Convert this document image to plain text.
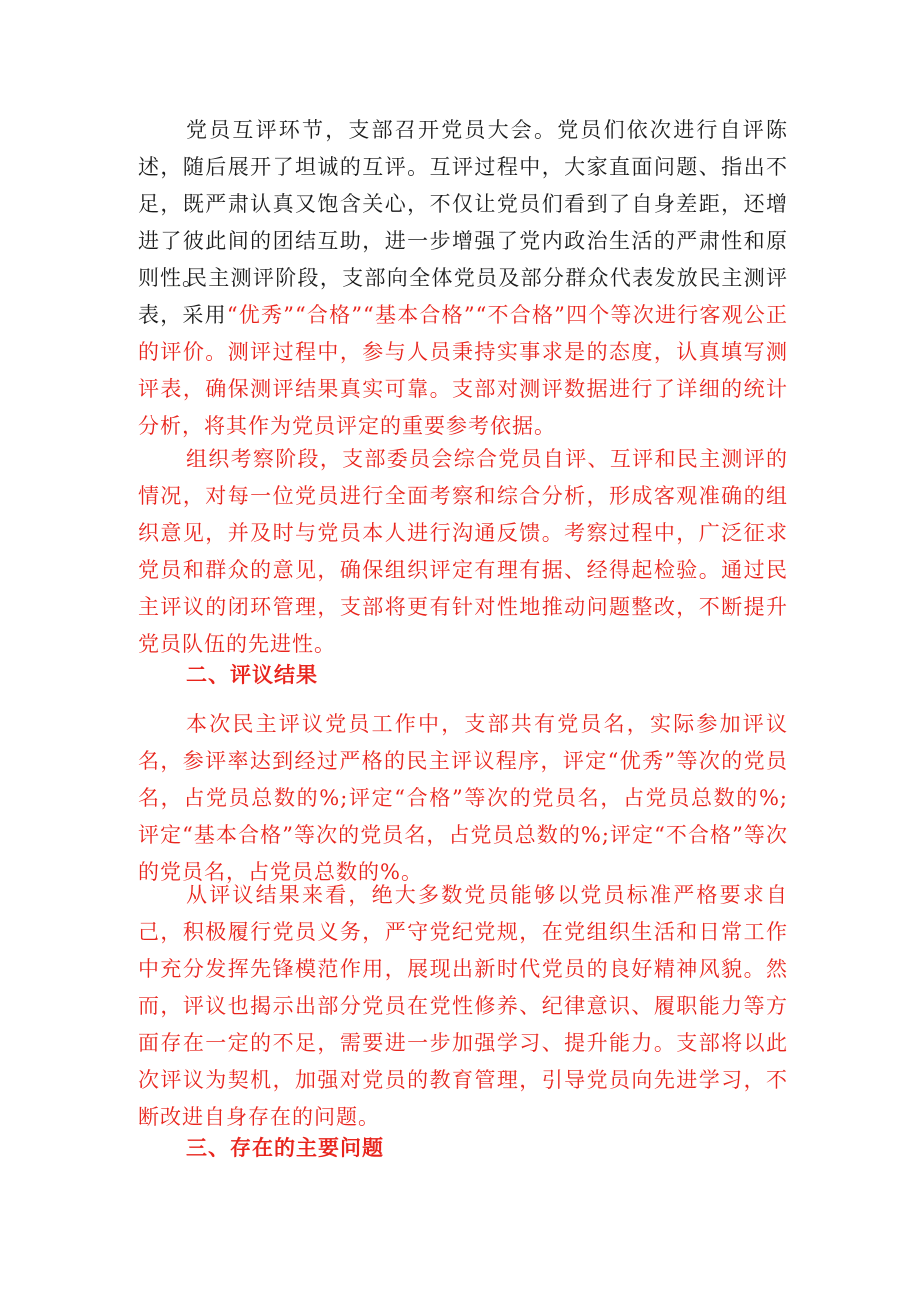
党员互评环节，支部召开党员大会。党员们依次进行自评陈述，随后展开了坦诚的互评。互评过程中，大家直面问题、指出不足，既严肃认真又饱含关心，不仅让党员们看到了自身差距，还增进了彼此间的团结互助，进一步增强了党内政治生活的严肃性和原则性。

民主测评阶段，支部向全体党员及部分群众代表发放民主测评表，采用“优秀”“合格”“基本合格”“不合格”四个等次进行客观公正的评价。测评过程中，参与人员秉持实事求是的态度，认真填写测评表，确保测评结果真实可靠。支部对测评数据进行了详细的统计分析，将其作为党员评定的重要参考依据。

组织考察阶段，支部委员会综合党员自评、互评和民主测评的情况，对每一位党员进行全面考察和综合分析，形成客观准确的组织意见，并及时与党员本人进行沟通反馈。考察过程中，广泛征求党员和群众的意见，确保组织评定有理有据、经得起检验。通过民主评议的闭环管理，支部将更有针对性地推动问题整改，不断提升党员队伍的先进性。

二、评议结果

本次民主评议党员工作中，支部共有党员名，实际参加评议名，参评率达到经过严格的民主评议程序，评定“优秀”等次的党员名，占党员总数的%;评定“合格”等次的党员名，占党员总数的%;评定“基本合格”等次的党员名，占党员总数的%;评定“不合格”等次的党员名，占党员总数的%。

从评议结果来看，绝大多数党员能够以党员标准严格要求自己，积极履行党员义务，严守党纪党规，在党组织生活和日常工作中充分发挥先锋模范作用，展现出新时代党员的良好精神风貌。然而，评议也揭示出部分党员在党性修养、纪律意识、履职能力等方面存在一定的不足，需要进一步加强学习、提升能力。支部将以此次评议为契机，加强对党员的教育管理，引导党员向先进学习，不断改进自身存在的问题。

三、存在的主要问题
